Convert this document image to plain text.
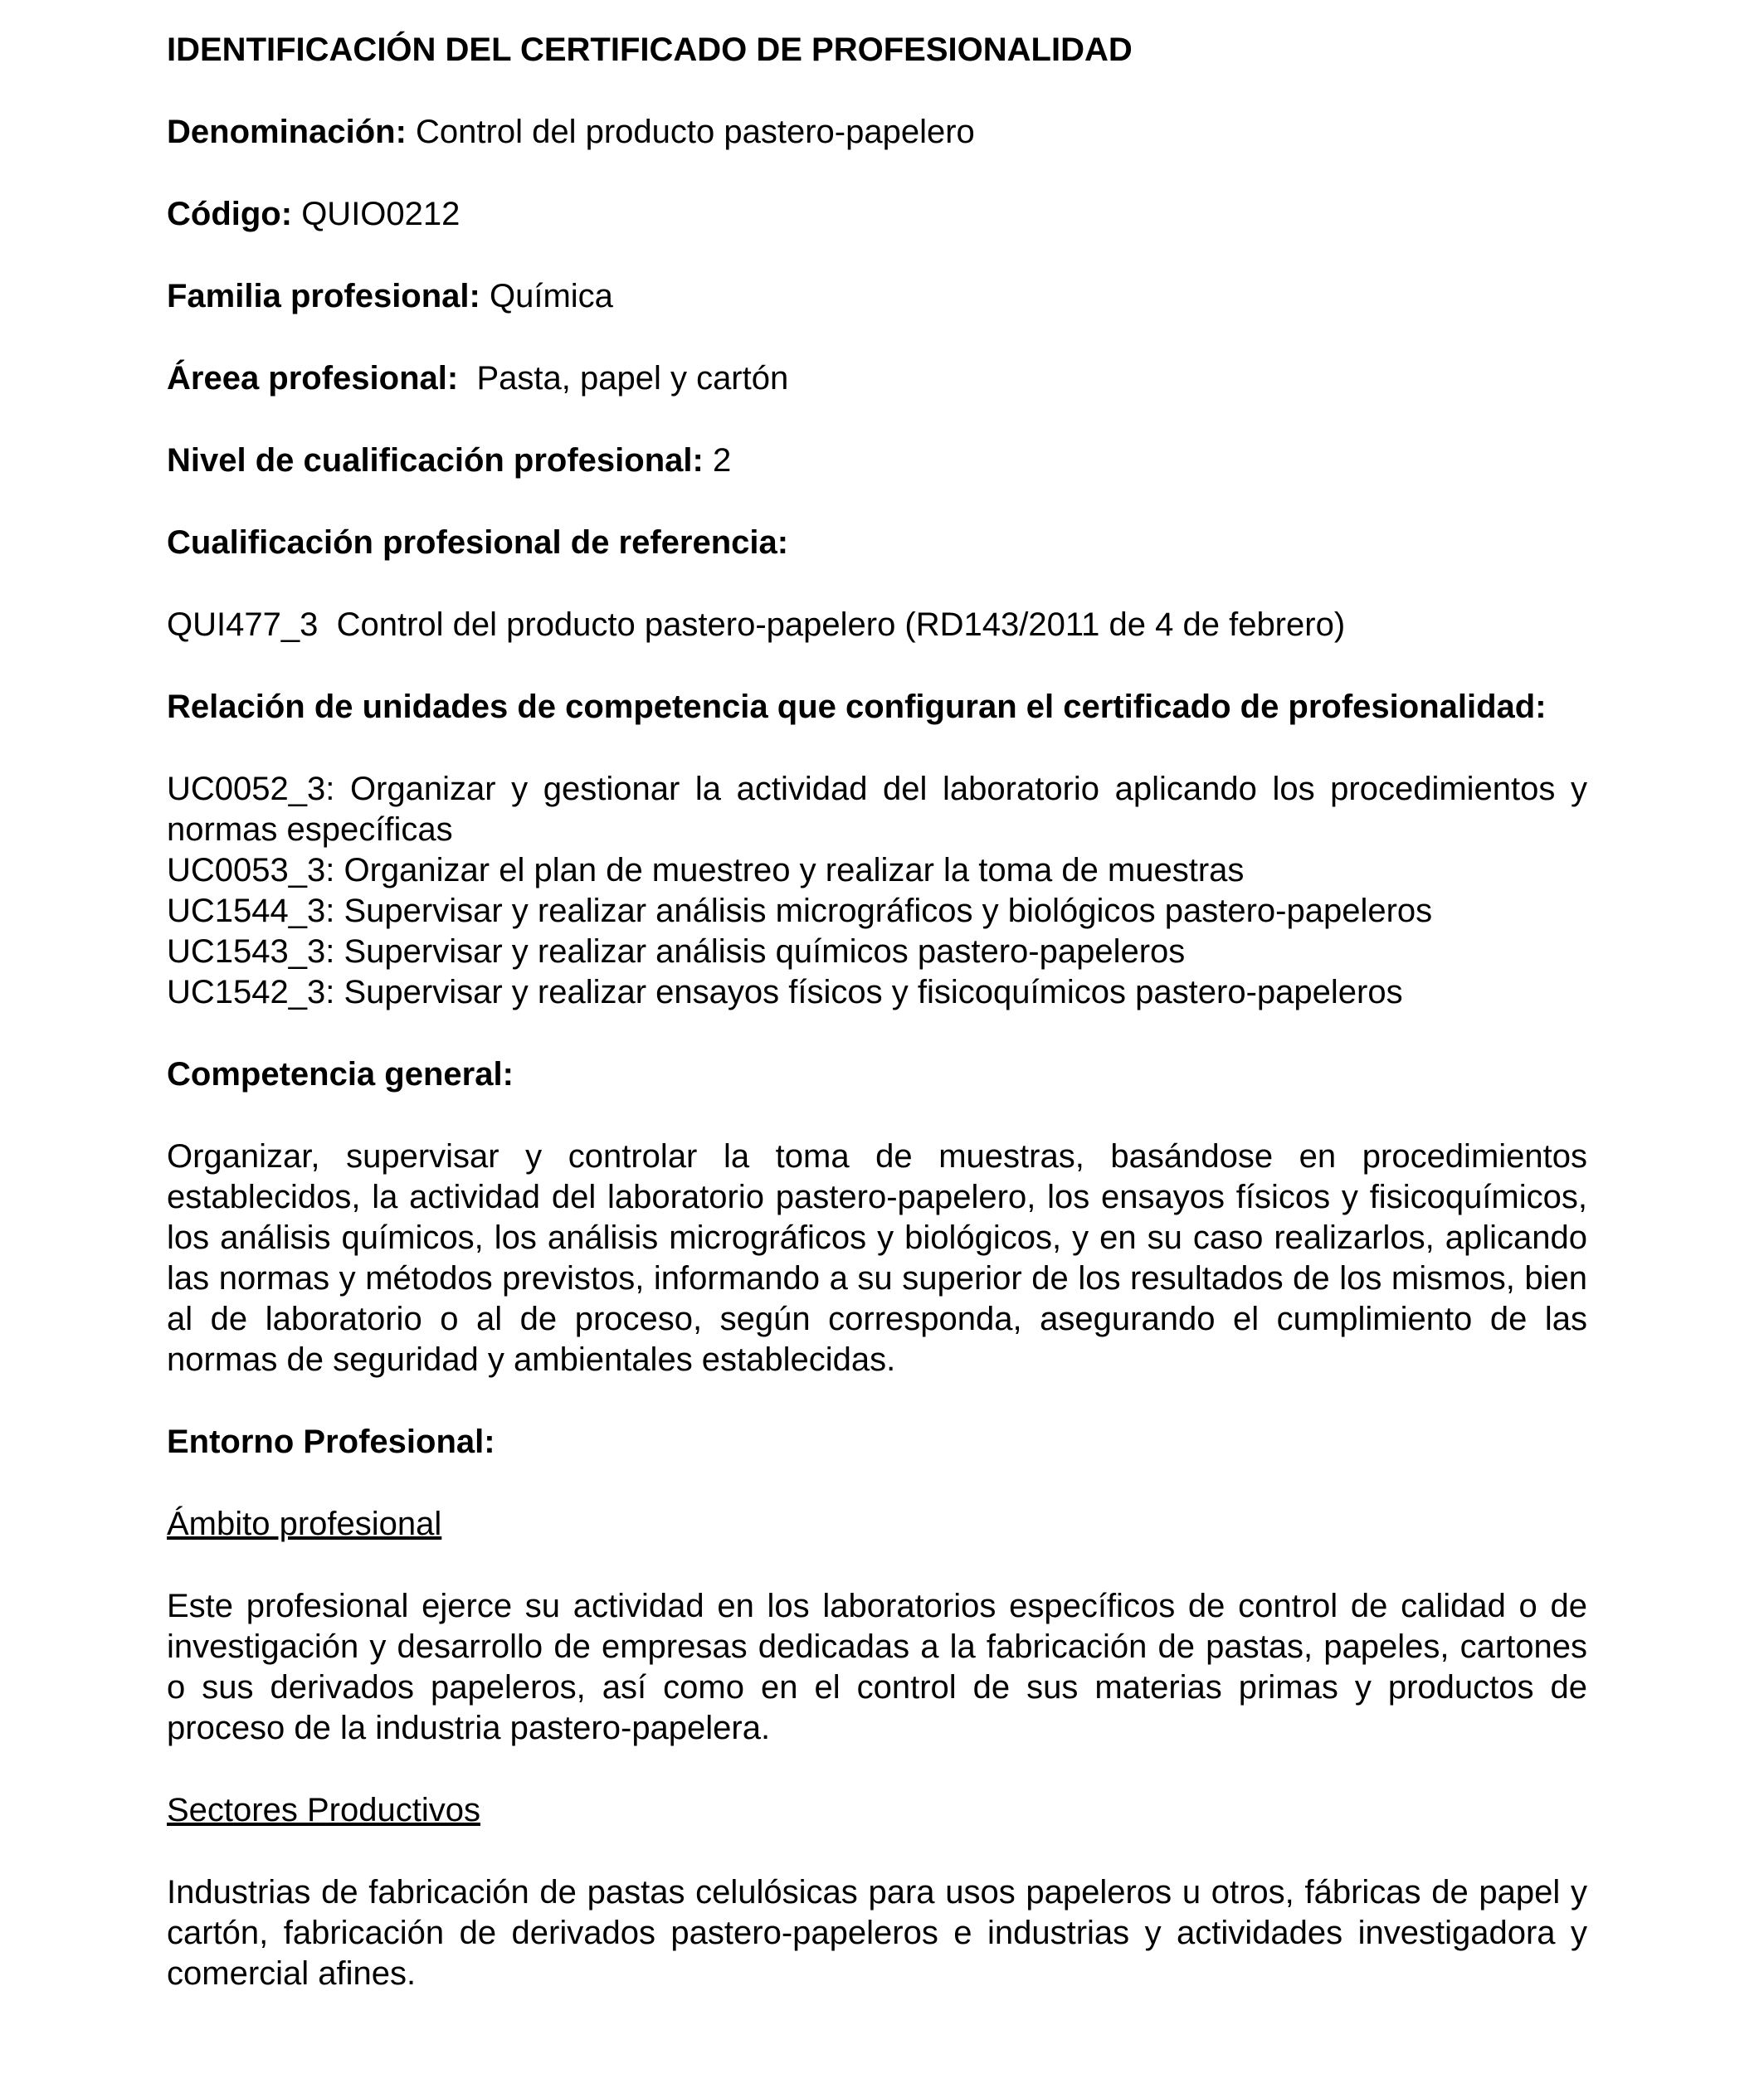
IDENTIFICACIÓN DEL CERTIFICADO DE PROFESIONALIDAD
Denominación: Control del producto pastero-papelero
Código: QUIO0212
Familia profesional: Química
Áreea profesional: Pasta, papel y cartón
Nivel de cualificación profesional: 2
Cualificación profesional de referencia:
QUI477_3  Control del producto pastero-papelero (RD143/2011 de 4 de febrero)
Relación de unidades de competencia que configuran el certificado de profesionalidad:
UC0052_3: Organizar y gestionar la actividad del laboratorio aplicando los procedimientos y normas específicas
UC0053_3: Organizar el plan de muestreo y realizar la toma de muestras
UC1544_3: Supervisar y realizar análisis micrográficos y biológicos pastero-papeleros
UC1543_3: Supervisar y realizar análisis químicos pastero-papeleros
UC1542_3: Supervisar y realizar ensayos físicos y fisicoquímicos pastero-papeleros
Competencia general:
Organizar, supervisar y controlar la toma de muestras, basándose en procedimientos establecidos, la actividad del laboratorio pastero-papelero, los ensayos físicos y fisicoquímicos, los análisis químicos, los análisis micrográficos y biológicos, y en su caso realizarlos, aplicando las normas y métodos previstos, informando a su superior de los resultados de los mismos, bien al de laboratorio o al de proceso, según corresponda, asegurando el cumplimiento de las normas de seguridad y ambientales establecidas.
Entorno Profesional:
Ámbito profesional
Este profesional ejerce su actividad en los laboratorios específicos de control de calidad o de investigación y desarrollo de empresas dedicadas a la fabricación de pastas, papeles, cartones o sus derivados papeleros, así como en el control de sus materias primas y productos de proceso de la industria pastero-papelera.
Sectores Productivos
Industrias de fabricación de pastas celulósicas para usos papeleros u otros, fábricas de papel y cartón, fabricación de derivados pastero-papeleros e industrias y actividades investigadora y comercial afines.
